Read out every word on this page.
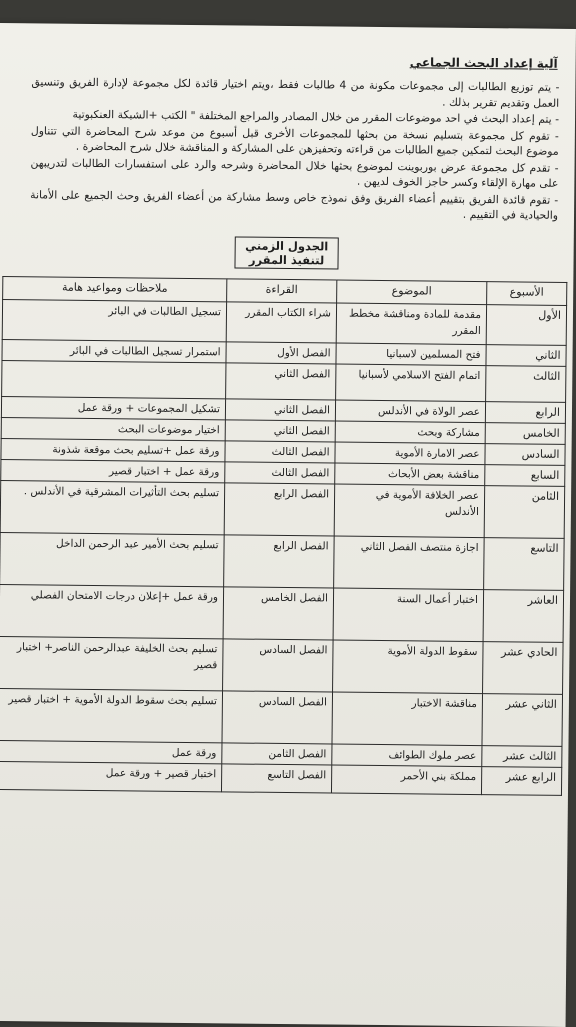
آلية إعداد البحث الجماعي

- يتم توزيع الطالبات إلى مجموعات مكونة من 4 طالبات فقط ،ويتم اختيار قائدة لكل مجموعة لإدارة الفريق وتنسيق العمل وتقديم تقرير بذلك .

- يتم إعداد البحث في احد موضوعات المقرر من خلال المصادر والمراجع المختلفة " الكتب +الشبكة العنكبوتية

- تقوم كل مجموعة بتسليم نسخة من بحثها للمجموعات الأخرى قبل أسبوع من موعد شرح المحاضرة التي تتناول موضوع البحث لتمكين جميع الطالبات من قراءته وتحفيزهن على المشاركة و المناقشة خلال شرح المحاضرة .

- تقدم كل مجموعة عرض بوربوينت لموضوع بحثها خلال المحاضرة وشرحه والرد على استفسارات الطالبات لتدريبهن على مهارة الإلقاء وكسر حاجز الخوف لديهن .

- تقوم قائدة الفريق بتقييم أعضاء الفريق وفق نموذج خاص وسط مشاركة من أعضاء الفريق وحث الجميع على الأمانة والحيادية في التقييم .

الجدول الزمني لتنفيذ المقرر
الأسبوع	الموضوع	القراءة	ملاحظات ومواعيد هامة
الأول	مقدمة للمادة ومناقشة مخطط المقرر	شراء الكتاب المقرر	تسجيل الطالبات في البائر
الثاني	فتح المسلمين لاسبانيا	الفصل الأول	استمرار تسجيل الطالبات في البائر
الثالث	اتمام الفتح الاسلامي لأسبانيا	الفصل الثاني	
الرابع	عصر الولاة في الأندلس	الفصل الثاني	تشكيل المجموعات + ورقة عمل
الخامس	مشاركة وبحث	الفصل الثاني	اختيار موضوعات البحث
السادس	عصر الامارة الأموية	الفصل الثالث	ورقة عمل +تسليم بحث موقعة شذونة
السابع	مناقشة بعض الأبحاث	الفصل الثالث	ورقة عمل + اختبار قصير
الثامن	عصر الخلافة الأموية في الأندلس	الفصل الرابع	تسليم بحث التأثيرات المشرقية في الأندلس .
التاسع	اجازة منتصف الفصل الثاني	الفصل الرابع	تسليم بحث الأمير عبد الرحمن الداخل
العاشر	اختبار أعمال السنة	الفصل الخامس	ورقة عمل +إعلان درجات الامتحان الفصلي
الحادي عشر	سقوط الدولة الأموية	الفصل السادس	تسليم بحث الخليفة عبدالرحمن الناصر+ اختبار قصير
الثاني عشر	مناقشة الاختبار	الفصل السادس	تسليم بحث سقوط الدولة الأموية + اختبار قصير
الثالث عشر	عصر ملوك الطوائف	الفصل الثامن	ورقة عمل
الرابع عشر	مملكة بني الأحمر	الفصل التاسع	اختبار قصير + ورقة عمل
